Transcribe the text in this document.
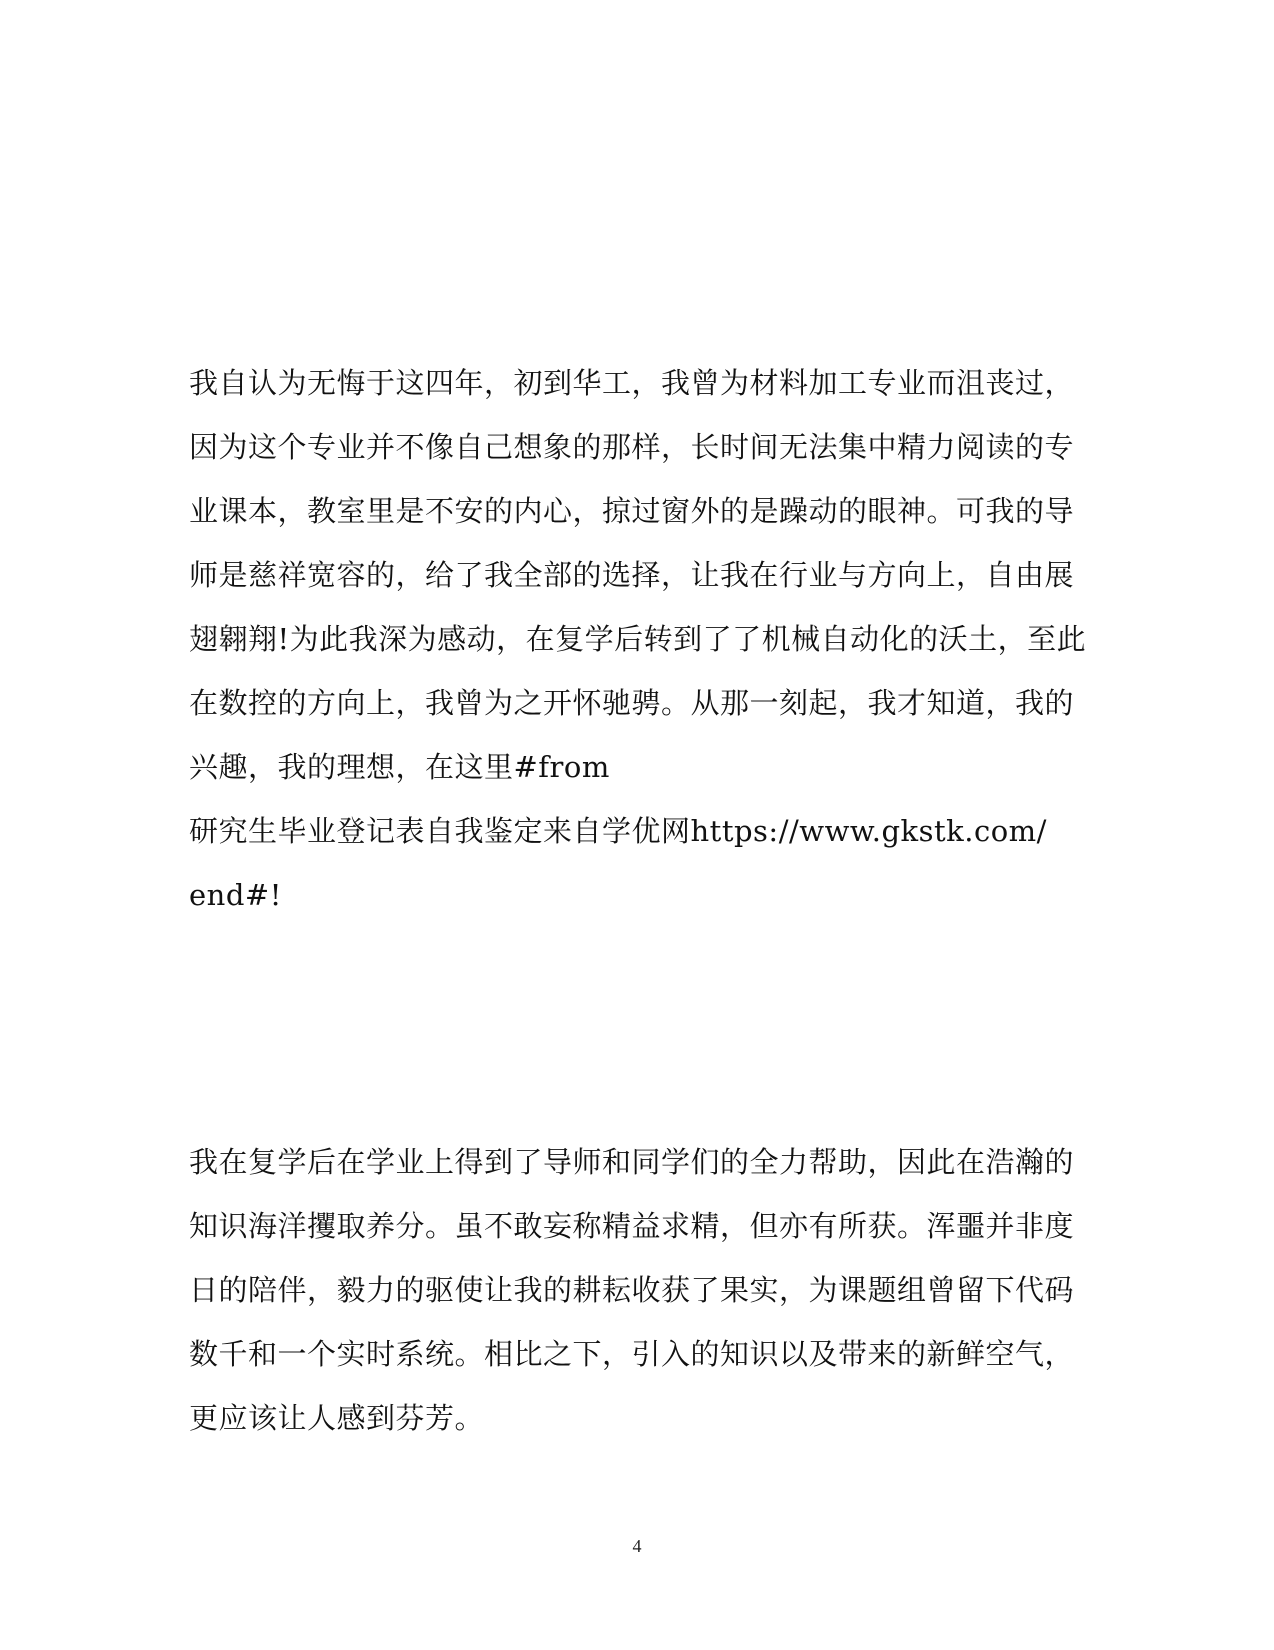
我自认为无悔于这四年，初到华工，我曾为材料加工专业而沮丧过，
因为这个专业并不像自己想象的那样，长时间无法集中精力阅读的专
业课本，教室里是不安的内心，掠过窗外的是躁动的眼神。可我的导
师是慈祥宽容的，给了我全部的选择，让我在行业与方向上，自由展
翅翱翔!为此我深为感动，在复学后转到了了机械自动化的沃土，至此
在数控的方向上，我曾为之开怀驰骋。从那一刻起，我才知道，我的
兴趣，我的理想，在这里#from
研究生毕业登记表自我鉴定来自学优网https://www.gkstk.com/
end#!
我在复学后在学业上得到了导师和同学们的全力帮助，因此在浩瀚的
知识海洋攫取养分。虽不敢妄称精益求精，但亦有所获。浑噩并非度
日的陪伴，毅力的驱使让我的耕耘收获了果实，为课题组曾留下代码
数千和一个实时系统。相比之下，引入的知识以及带来的新鲜空气，
更应该让人感到芬芳。
4
